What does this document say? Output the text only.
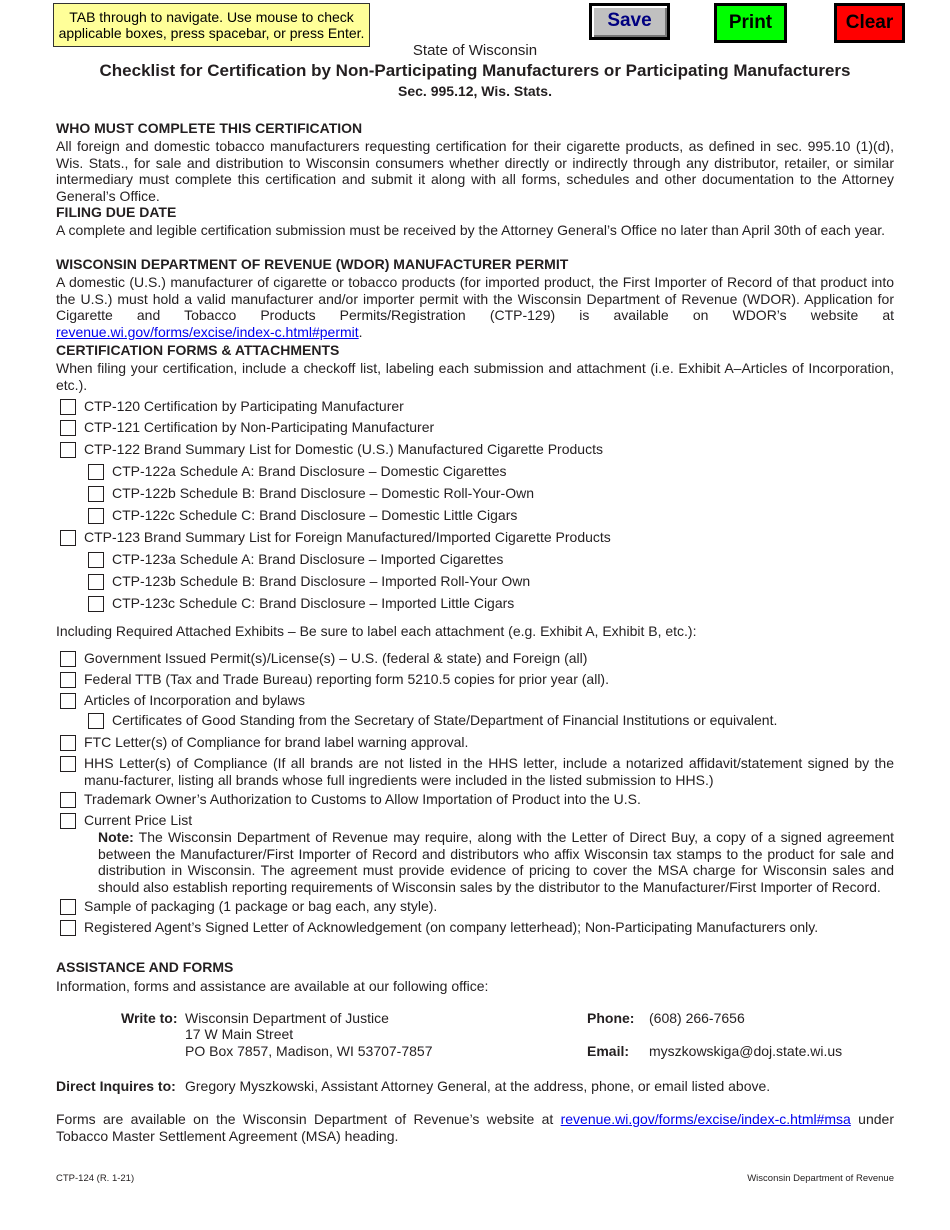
TAB through to navigate. Use mouse to check applicable boxes, press spacebar, or press Enter.
Save	Print	Clear
State of Wisconsin
Checklist for Certification by Non-Participating Manufacturers or Participating Manufacturers
Sec. 995.12, Wis. Stats.
WHO MUST COMPLETE THIS CERTIFICATION
All foreign and domestic tobacco manufacturers requesting certification for their cigarette products, as defined in sec. 995.10 (1)(d), Wis. Stats., for sale and distribution to Wisconsin consumers whether directly or indirectly through any distributor, retailer, or similar intermediary must complete this certification and submit it along with all forms, schedules and other documentation to the Attorney General’s Office.
FILING DUE DATE
A complete and legible certification submission must be received by the Attorney General’s Office no later than April 30th of each year.
WISCONSIN DEPARTMENT OF REVENUE (WDOR) MANUFACTURER PERMIT
A domestic (U.S.) manufacturer of cigarette or tobacco products (for imported product, the First Importer of Record of that product into the U.S.) must hold a valid manufacturer and/or importer permit with the Wisconsin Department of Revenue (WDOR). Application for Cigarette and Tobacco Products Permits/Registration (CTP-129) is available on WDOR’s website at revenue.wi.gov/forms/excise/index-c.html#permit.
CERTIFICATION FORMS & ATTACHMENTS
When filing your certification, include a checkoff list, labeling each submission and attachment (i.e. Exhibit A–Articles of Incorporation, etc.).
CTP-120 Certification by Participating Manufacturer
CTP-121 Certification by Non-Participating Manufacturer
CTP-122 Brand Summary List for Domestic (U.S.) Manufactured Cigarette Products
CTP-122a Schedule A: Brand Disclosure – Domestic Cigarettes
CTP-122b Schedule B: Brand Disclosure – Domestic Roll-Your-Own
CTP-122c Schedule C: Brand Disclosure – Domestic Little Cigars
CTP-123 Brand Summary List for Foreign Manufactured/Imported Cigarette Products
CTP-123a Schedule A: Brand Disclosure – Imported Cigarettes
CTP-123b Schedule B: Brand Disclosure – Imported Roll-Your Own
CTP-123c Schedule C: Brand Disclosure – Imported Little Cigars
Including Required Attached Exhibits – Be sure to label each attachment (e.g. Exhibit A, Exhibit B, etc.):
Government Issued Permit(s)/License(s) – U.S. (federal & state) and Foreign (all)
Federal TTB (Tax and Trade Bureau) reporting form 5210.5 copies for prior year (all).
Articles of Incorporation and bylaws
Certificates of Good Standing from the Secretary of State/Department of Financial Institutions or equivalent.
FTC Letter(s) of Compliance for brand label warning approval.
HHS Letter(s) of Compliance (If all brands are not listed in the HHS letter, include a notarized affidavit/statement signed by the manu-facturer, listing all brands whose full ingredients were included in the listed submission to HHS.)
Trademark Owner’s Authorization to Customs to Allow Importation of Product into the U.S.
Current Price List
Note: The Wisconsin Department of Revenue may require, along with the Letter of Direct Buy, a copy of a signed agreement between the Manufacturer/First Importer of Record and distributors who affix Wisconsin tax stamps to the product for sale and distribution in Wisconsin. The agreement must provide evidence of pricing to cover the MSA charge for Wisconsin sales and should also establish reporting requirements of Wisconsin sales by the distributor to the Manufacturer/First Importer of Record.
Sample of packaging (1 package or bag each, any style).
Registered Agent’s Signed Letter of Acknowledgement (on company letterhead); Non-Participating Manufacturers only.
ASSISTANCE AND FORMS
Information, forms and assistance are available at our following office:
Write to: Wisconsin Department of Justice
17 W Main Street
PO Box 7857, Madison, WI 53707-7857
Phone: (608) 266-7656
Email: myszkowskiga@doj.state.wi.us
Direct Inquires to: Gregory Myszkowski, Assistant Attorney General, at the address, phone, or email listed above.
Forms are available on the Wisconsin Department of Revenue’s website at revenue.wi.gov/forms/excise/index-c.html#msa under Tobacco Master Settlement Agreement (MSA) heading.
CTP-124 (R. 1-21)	Wisconsin Department of Revenue
